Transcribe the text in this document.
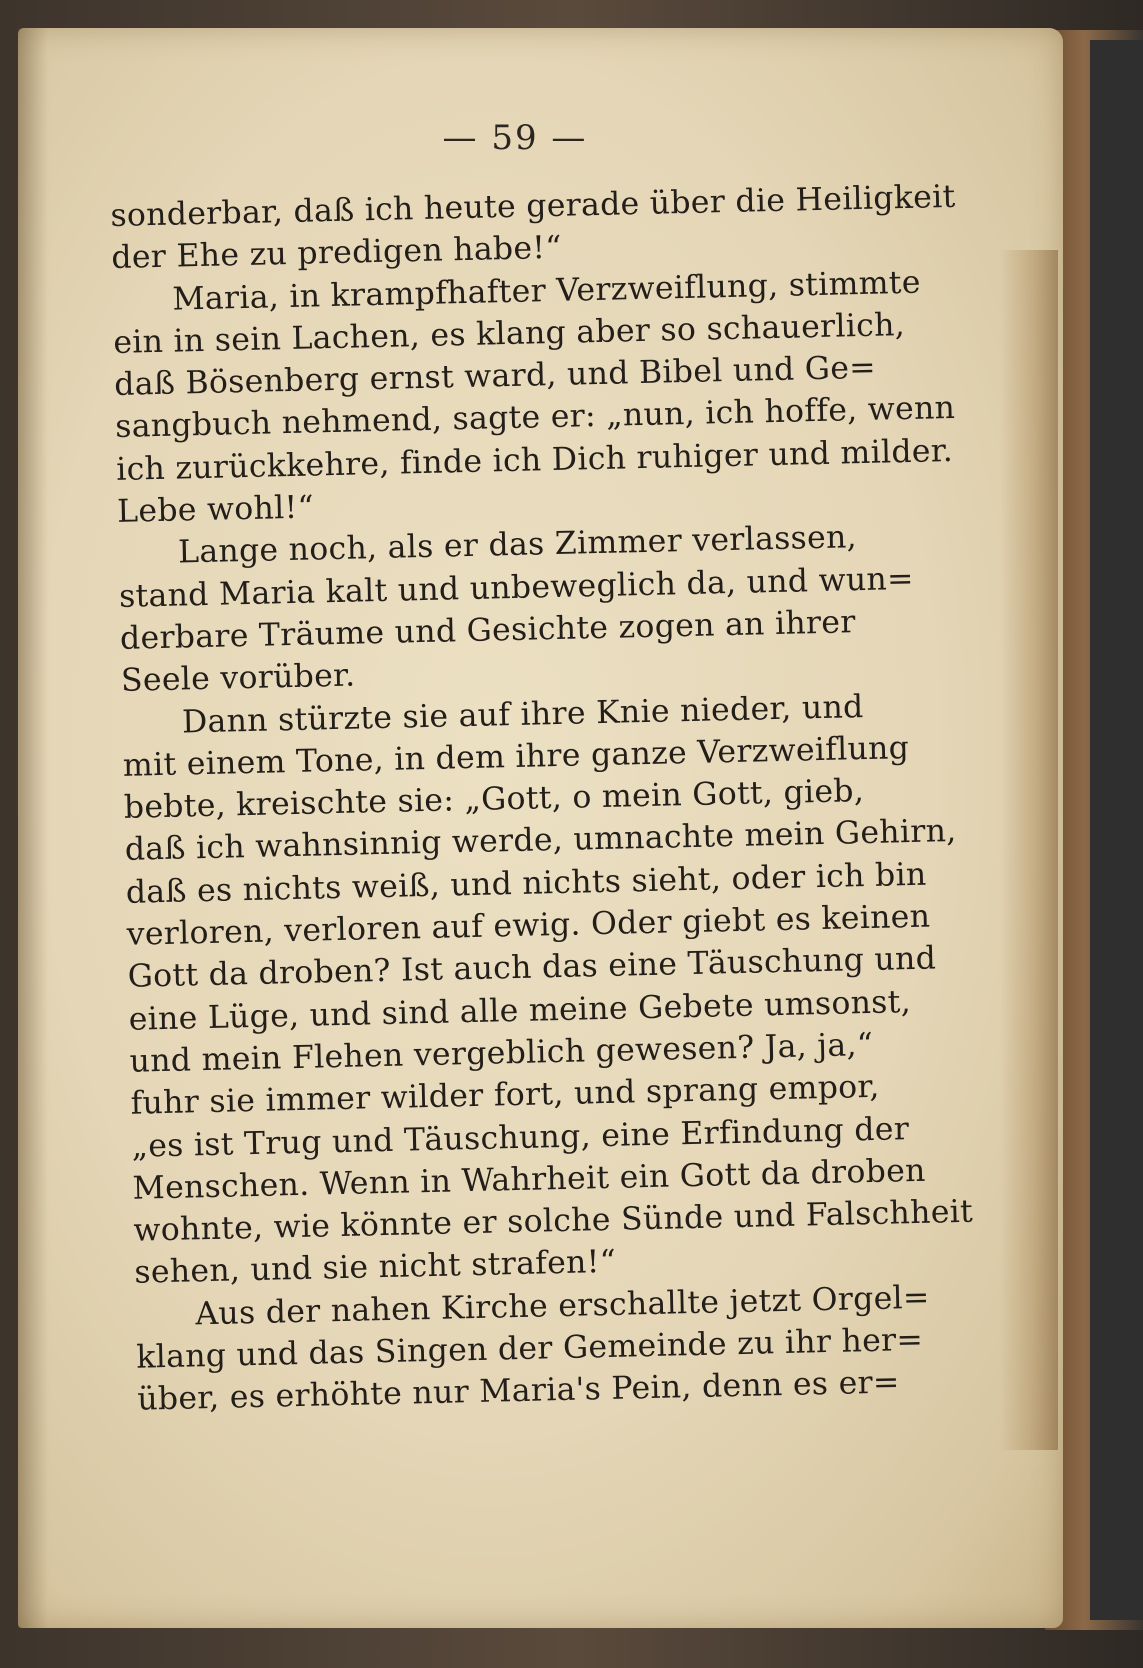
— 59 —
sonderbar, daß ich heute gerade über die Heiligkeit
der Ehe zu predigen habe!“
Maria, in krampfhafter Verzweiflung, stimmte
ein in sein Lachen, es klang aber so schauerlich,
daß Bösenberg ernst ward, und Bibel und Ge=
sangbuch nehmend, sagte er: „nun, ich hoffe, wenn
ich zurückkehre, finde ich Dich ruhiger und milder.
Lebe wohl!“
Lange noch, als er das Zimmer verlassen,
stand Maria kalt und unbeweglich da, und wun=
derbare Träume und Gesichte zogen an ihrer
Seele vorüber.
Dann stürzte sie auf ihre Knie nieder, und
mit einem Tone, in dem ihre ganze Verzweiflung
bebte, kreischte sie: „Gott, o mein Gott, gieb,
daß ich wahnsinnig werde, umnachte mein Gehirn,
daß es nichts weiß, und nichts sieht, oder ich bin
verloren, verloren auf ewig. Oder giebt es keinen
Gott da droben? Ist auch das eine Täuschung und
eine Lüge, und sind alle meine Gebete umsonst,
und mein Flehen vergeblich gewesen? Ja, ja,“
fuhr sie immer wilder fort, und sprang empor,
„es ist Trug und Täuschung, eine Erfindung der
Menschen. Wenn in Wahrheit ein Gott da droben
wohnte, wie könnte er solche Sünde und Falschheit
sehen, und sie nicht strafen!“
Aus der nahen Kirche erschallte jetzt Orgel=
klang und das Singen der Gemeinde zu ihr her=
über, es erhöhte nur Maria's Pein, denn es er=
